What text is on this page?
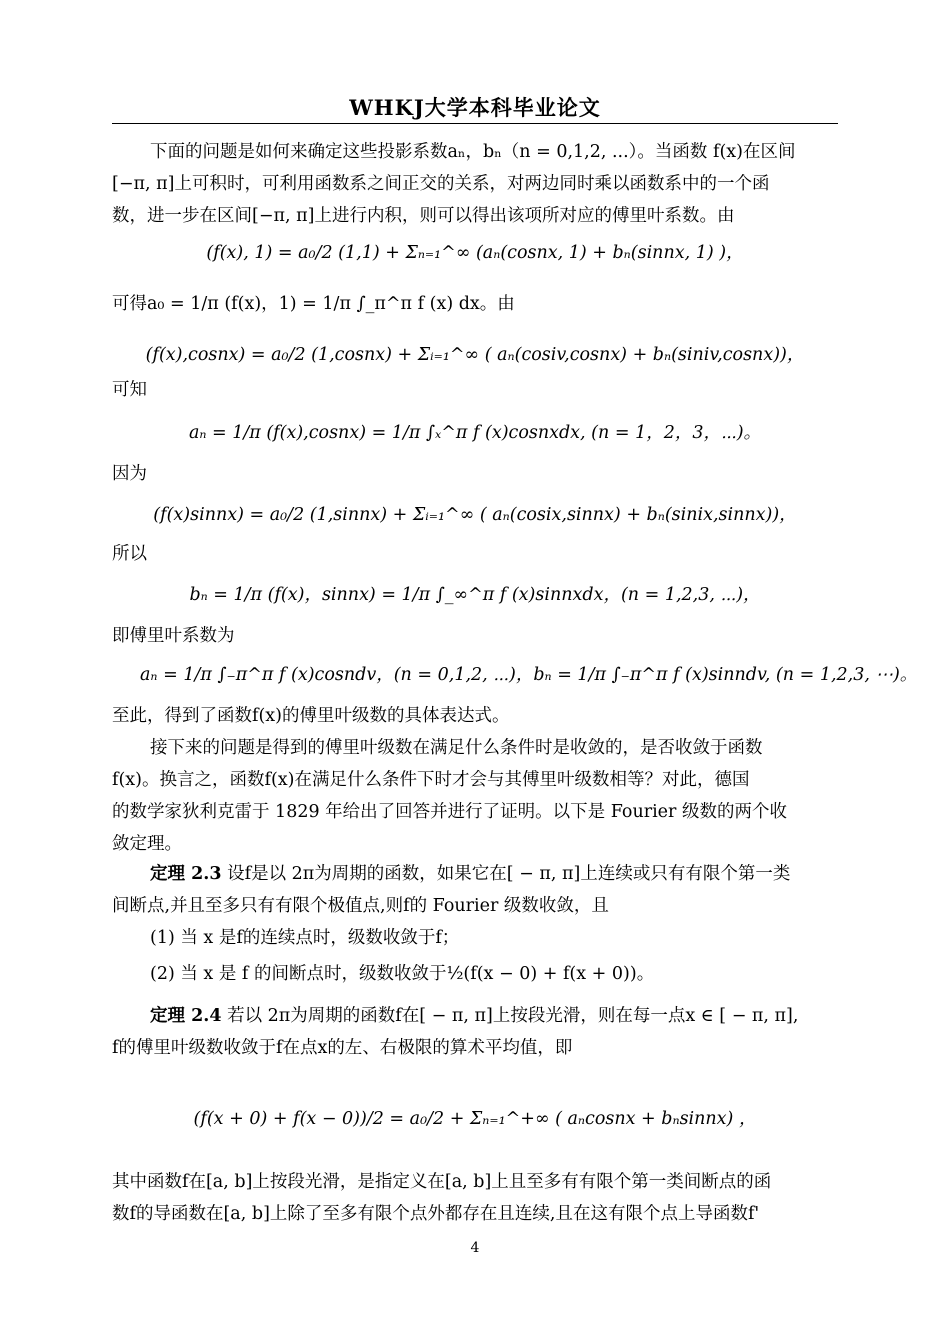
WHKJ大学本科毕业论文
下面的问题是如何来确定这些投影系数aₙ，bₙ（n = 0,1,2, ...）。当函数 f(x)在区间
[−π, π]上可积时，可利用函数系之间正交的关系，对两边同时乘以函数系中的一个函
数，进一步在区间[−π, π]上进行内积，则可以得出该项所对应的傅里叶系数。由
(f(x), 1) = a₀/2 (1,1) + Σₙ₌₁^∞ (aₙ(cosnx, 1) + bₙ(sinnx, 1) )，
可得a₀ = 1/π (f(x)，1) = 1/π ∫_π^π f (x) dx。由
(f(x),cosnx) = a₀/2 (1,cosnx) + Σᵢ₌₁^∞ ( aₙ(cosiv,cosnx) + bₙ(siniv,cosnx))，
可知
aₙ = 1/π (f(x),cosnx) = 1/π ∫ₓ^π f (x)cosnxdx, (n = 1，2，3，⋯)。
因为
(f(x)sinnx) = a₀/2 (1,sinnx) + Σᵢ₌₁^∞ ( aₙ(cosix,sinnx) + bₙ(sinix,sinnx))，
所以
bₙ = 1/π (f(x)，sinnx) = 1/π ∫_∞^π f (x)sinnxdx，(n = 1,2,3, ⋯)，
即傅里叶系数为
aₙ = 1/π ∫₋π^π f (x)cosndv，(n = 0,1,2, ⋯)，bₙ = 1/π ∫₋π^π f (x)sinndv, (n = 1,2,3, ⋯)。
至此，得到了函数f(x)的傅里叶级数的具体表达式。
接下来的问题是得到的傅里叶级数在满足什么条件时是收敛的，是否收敛于函数
f(x)。换言之，函数f(x)在满足什么条件下时才会与其傅里叶级数相等？对此，德国
的数学家狄利克雷于 1829 年给出了回答并进行了证明。以下是 Fourier 级数的两个收
敛定理。
定理 2.3 设f是以 2π为周期的函数，如果它在[ − π, π]上连续或只有有限个第一类
间断点,并且至多只有有限个极值点,则f的 Fourier 级数收敛，且
(1) 当 x 是f的连续点时，级数收敛于f；
(2) 当 x 是 f 的间断点时，级数收敛于½(f(x − 0) + f(x + 0))。
定理 2.4 若以 2π为周期的函数f在[ − π, π]上按段光滑，则在每一点x ∈ [ − π, π],
f的傅里叶级数收敛于f在点x的左、右极限的算术平均值，即
(f(x + 0) + f(x − 0))/2 = a₀/2 + Σₙ₌₁^+∞ ( aₙcosnx + bₙsinnx) ，
其中函数f在[a, b]上按段光滑，是指定义在[a, b]上且至多有有限个第一类间断点的函
数f的导函数在[a, b]上除了至多有限个点外都存在且连续,且在这有限个点上导函数f'
4
